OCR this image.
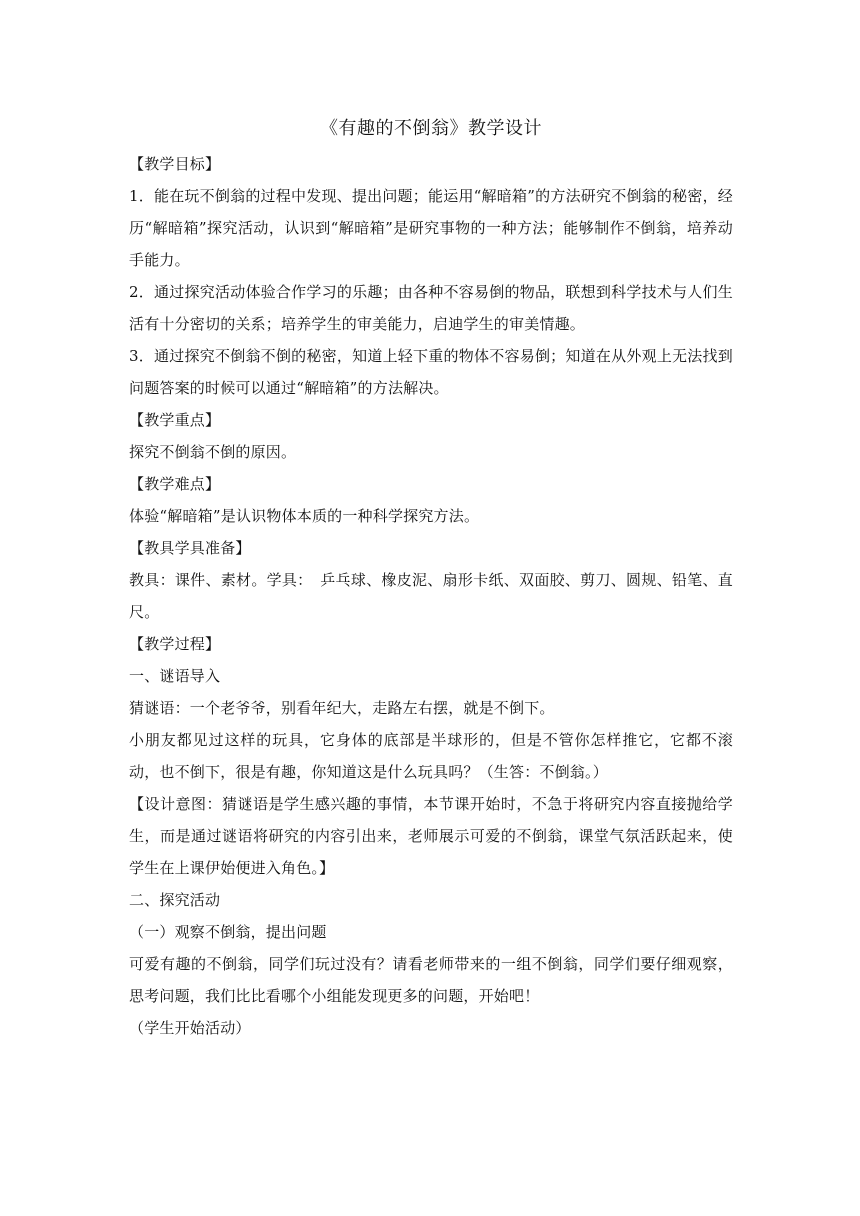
《有趣的不倒翁》教学设计
【教学目标】
1．能在玩不倒翁的过程中发现、提出问题；能运用“解暗箱”的方法研究不倒翁的秘密，经历“解暗箱”探究活动，认识到“解暗箱”是研究事物的一种方法；能够制作不倒翁，培养动手能力。
2．通过探究活动体验合作学习的乐趣；由各种不容易倒的物品，联想到科学技术与人们生活有十分密切的关系；培养学生的审美能力，启迪学生的审美情趣。
3．通过探究不倒翁不倒的秘密，知道上轻下重的物体不容易倒；知道在从外观上无法找到问题答案的时候可以通过“解暗箱”的方法解决。
【教学重点】
探究不倒翁不倒的原因。
【教学难点】
体验“解暗箱”是认识物体本质的一种科学探究方法。
【教具学具准备】
教具：课件、素材。学具：　乒乓球、橡皮泥、扇形卡纸、双面胶、剪刀、圆规、铅笔、直尺。
【教学过程】
一、谜语导入
猜谜语：一个老爷爷，别看年纪大，走路左右摆，就是不倒下。
小朋友都见过这样的玩具，它身体的底部是半球形的，但是不管你怎样推它，它都不滚动，也不倒下，很是有趣，你知道这是什么玩具吗？（生答：不倒翁。）
【设计意图：猜谜语是学生感兴趣的事情，本节课开始时，不急于将研究内容直接抛给学生，而是通过谜语将研究的内容引出来，老师展示可爱的不倒翁，课堂气氛活跃起来，使学生在上课伊始便进入角色。】
二、探究活动
（一）观察不倒翁，提出问题
可爱有趣的不倒翁，同学们玩过没有？请看老师带来的一组不倒翁，同学们要仔细观察，思考问题，我们比比看哪个小组能发现更多的问题，开始吧！
（学生开始活动）
